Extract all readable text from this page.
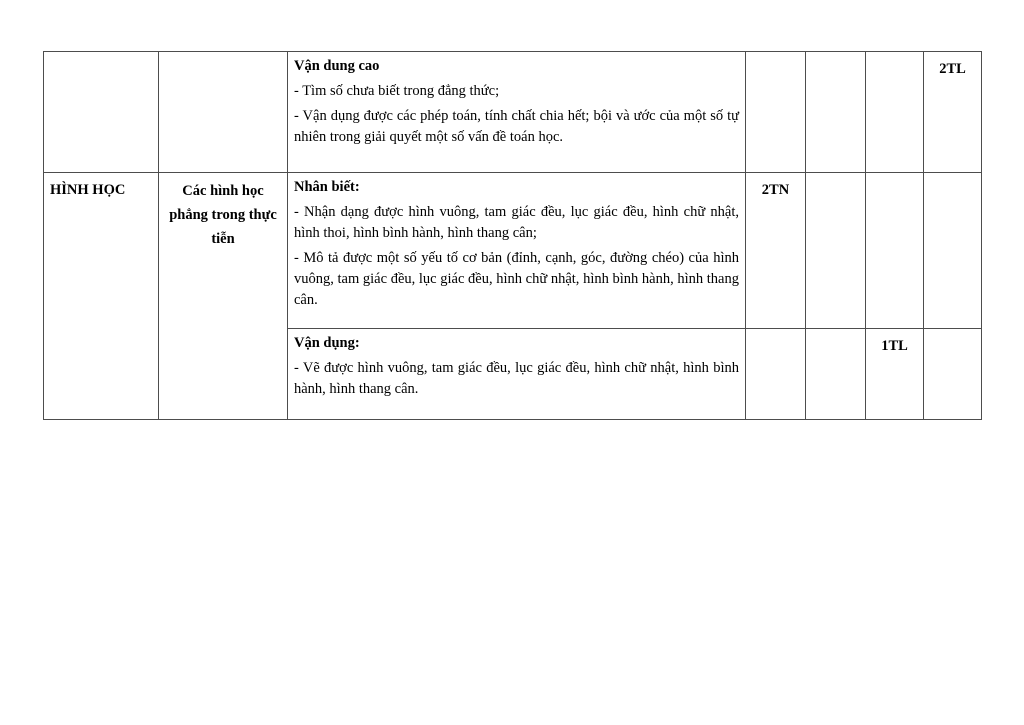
		Vận dung cao
- Tìm số chưa biết trong đẳng thức;
- Vận dụng được các phép toán, tính chất chia hết; bội và ước của một số tự nhiên trong giải quyết một số vấn đề toán học.				2TL
HÌNH HỌC	Các hình học phẳng trong thực tiễn	Nhân biết:
- Nhận dạng được hình vuông, tam giác đều, lục giác đều, hình chữ nhật, hình thoi, hình bình hành, hình thang cân;
- Mô tả được một số yếu tố cơ bản (đỉnh, cạnh, góc, đường chéo) của hình vuông, tam giác đều, lục giác đều, hình chữ nhật, hình bình hành, hình thang cân.	2TN			

		Vận dụng:
- Vẽ được hình vuông, tam giác đều, lục giác đều, hình chữ nhật, hình bình hành, hình thang cân.			1TL	
